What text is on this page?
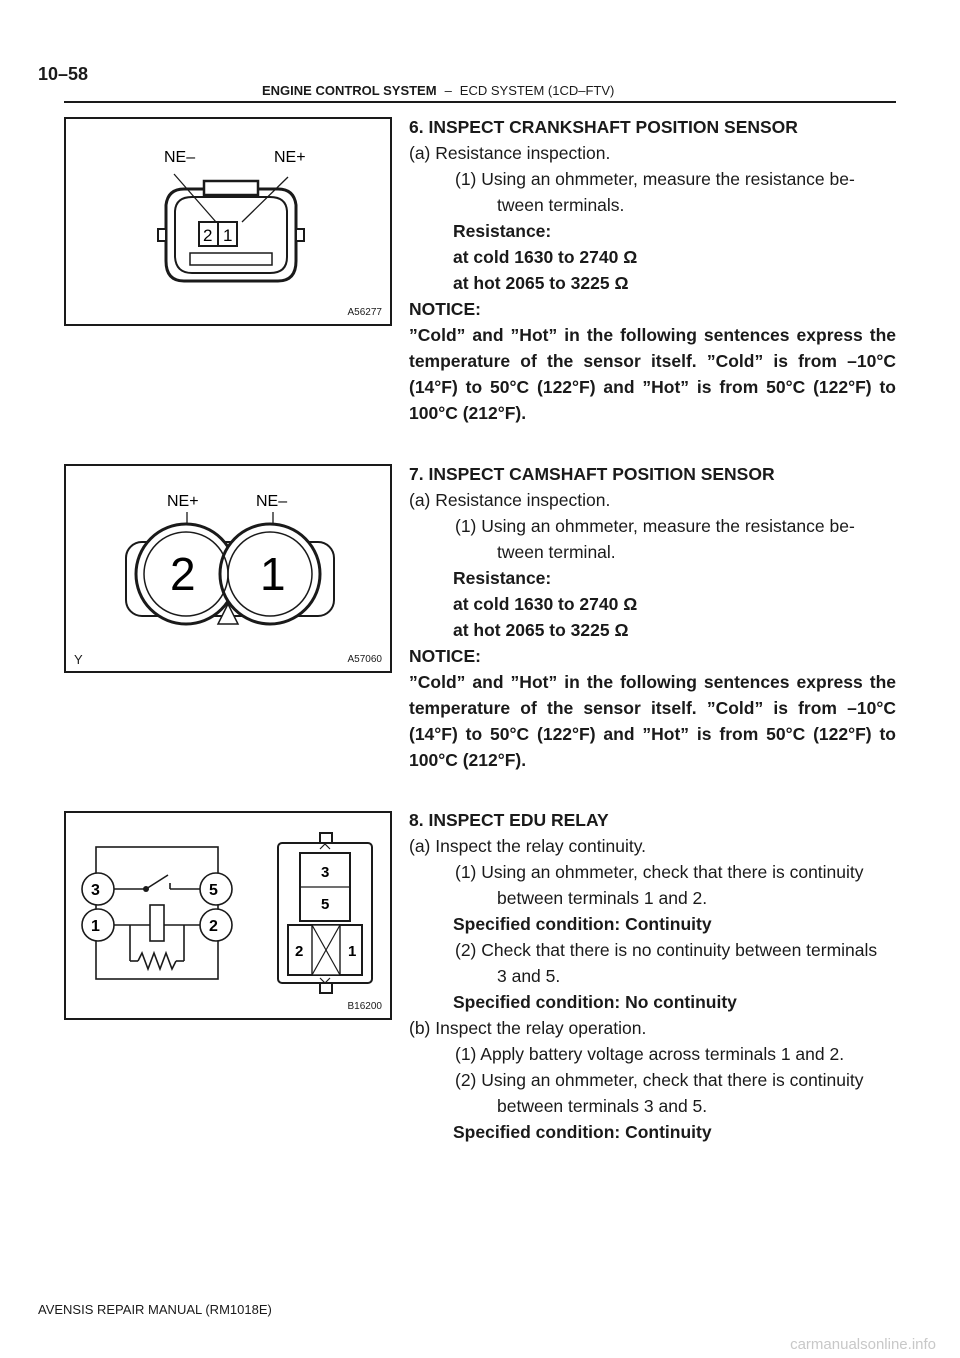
10–58
ENGINE CONTROL SYSTEM – ECD SYSTEM (1CD–FTV)
NE–	NE+
2 1
A56277
NE+	NE–
2 1
Y	A57060
3	5
1	2
3
5
2	1
B16200
6. INSPECT CRANKSHAFT POSITION SENSOR
(a) Resistance inspection.
(1) Using an ohmmeter, measure the resistance be-
tween terminals.
Resistance:
at cold 1630 to 2740 Ω
at hot 2065 to 3225 Ω
NOTICE:
”Cold” and ”Hot” in the following sentences express the
temperature of the sensor itself. ”Cold” is from –10°C
(14°F) to 50°C (122°F) and ”Hot” is from 50°C (122°F) to
100°C (212°F).
7. INSPECT CAMSHAFT POSITION SENSOR
(a) Resistance inspection.
(1) Using an ohmmeter, measure the resistance be-
tween terminal.
Resistance:
at cold 1630 to 2740 Ω
at hot 2065 to 3225 Ω
NOTICE:
”Cold” and ”Hot” in the following sentences express the
temperature of the sensor itself. ”Cold” is from –10°C
(14°F) to 50°C (122°F) and ”Hot” is from 50°C (122°F) to
100°C (212°F).
8. INSPECT EDU RELAY
(a) Inspect the relay continuity.
(1) Using an ohmmeter, check that there is continuity
between terminals 1 and 2.
Specified condition: Continuity
(2) Check that there is no continuity between terminals
3 and 5.
Specified condition: No continuity
(b) Inspect the relay operation.
(1) Apply battery voltage across terminals 1 and 2.
(2) Using an ohmmeter, check that there is continuity
between terminals 3 and 5.
Specified condition: Continuity
AVENSIS REPAIR MANUAL (RM1018E)
carmanualsonline.info
